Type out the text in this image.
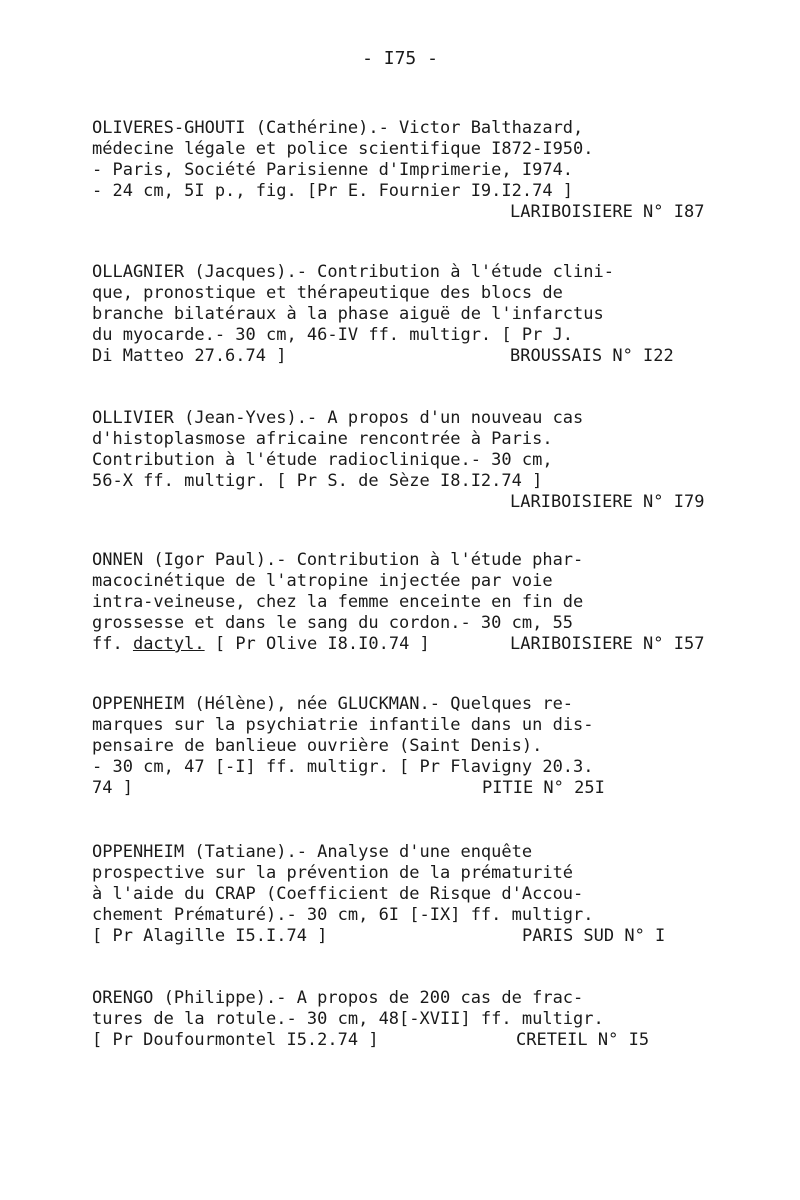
- I75 -
OLIVERES-GHOUTI (Cathérine).- Victor Balthazard,
médecine légale et police scientifique I872-I950.
- Paris, Société Parisienne d'Imprimerie, I974.
- 24 cm, 5I p., fig. [Pr E. Fournier I9.I2.74 ]
LARIBOISIERE N° I87
OLLAGNIER (Jacques).- Contribution à l'étude clini-
que, pronostique et thérapeutique des blocs de
branche bilatéraux à la phase aiguë de l'infarctus
du myocarde.- 30 cm, 46-IV ff. multigr. [ Pr J.
Di Matteo 27.6.74 ]	BROUSSAIS N° I22
OLLIVIER (Jean-Yves).- A propos d'un nouveau cas
d'histoplasmose africaine rencontrée à Paris.
Contribution à l'étude radioclinique.- 30 cm,
56-X ff. multigr. [ Pr S. de Sèze I8.I2.74 ]
LARIBOISIERE N° I79
ONNEN (Igor Paul).- Contribution à l'étude phar-
macocinétique de l'atropine injectée par voie
intra-veineuse, chez la femme enceinte en fin de
grossesse et dans le sang du cordon.- 30 cm, 55
ff. dactyl. [ Pr Olive I8.I0.74 ]	LARIBOISIERE N° I57
OPPENHEIM (Hélène), née GLUCKMAN.- Quelques re-
marques sur la psychiatrie infantile dans un dis-
pensaire de banlieue ouvrière (Saint Denis).
- 30 cm, 47 [-I] ff. multigr. [ Pr Flavigny 20.3.
74 ]	PITIE N° 25I
OPPENHEIM (Tatiane).- Analyse d'une enquête
prospective sur la prévention de la prématurité
à l'aide du CRAP (Coefficient de Risque d'Accou-
chement Prématuré).- 30 cm, 6I [-IX] ff. multigr.
[ Pr Alagille I5.I.74 ]	PARIS SUD N° I
ORENGO (Philippe).- A propos de 200 cas de frac-
tures de la rotule.- 30 cm, 48[-XVII] ff. multigr.
[ Pr Doufourmontel I5.2.74 ]	CRETEIL N° I5
